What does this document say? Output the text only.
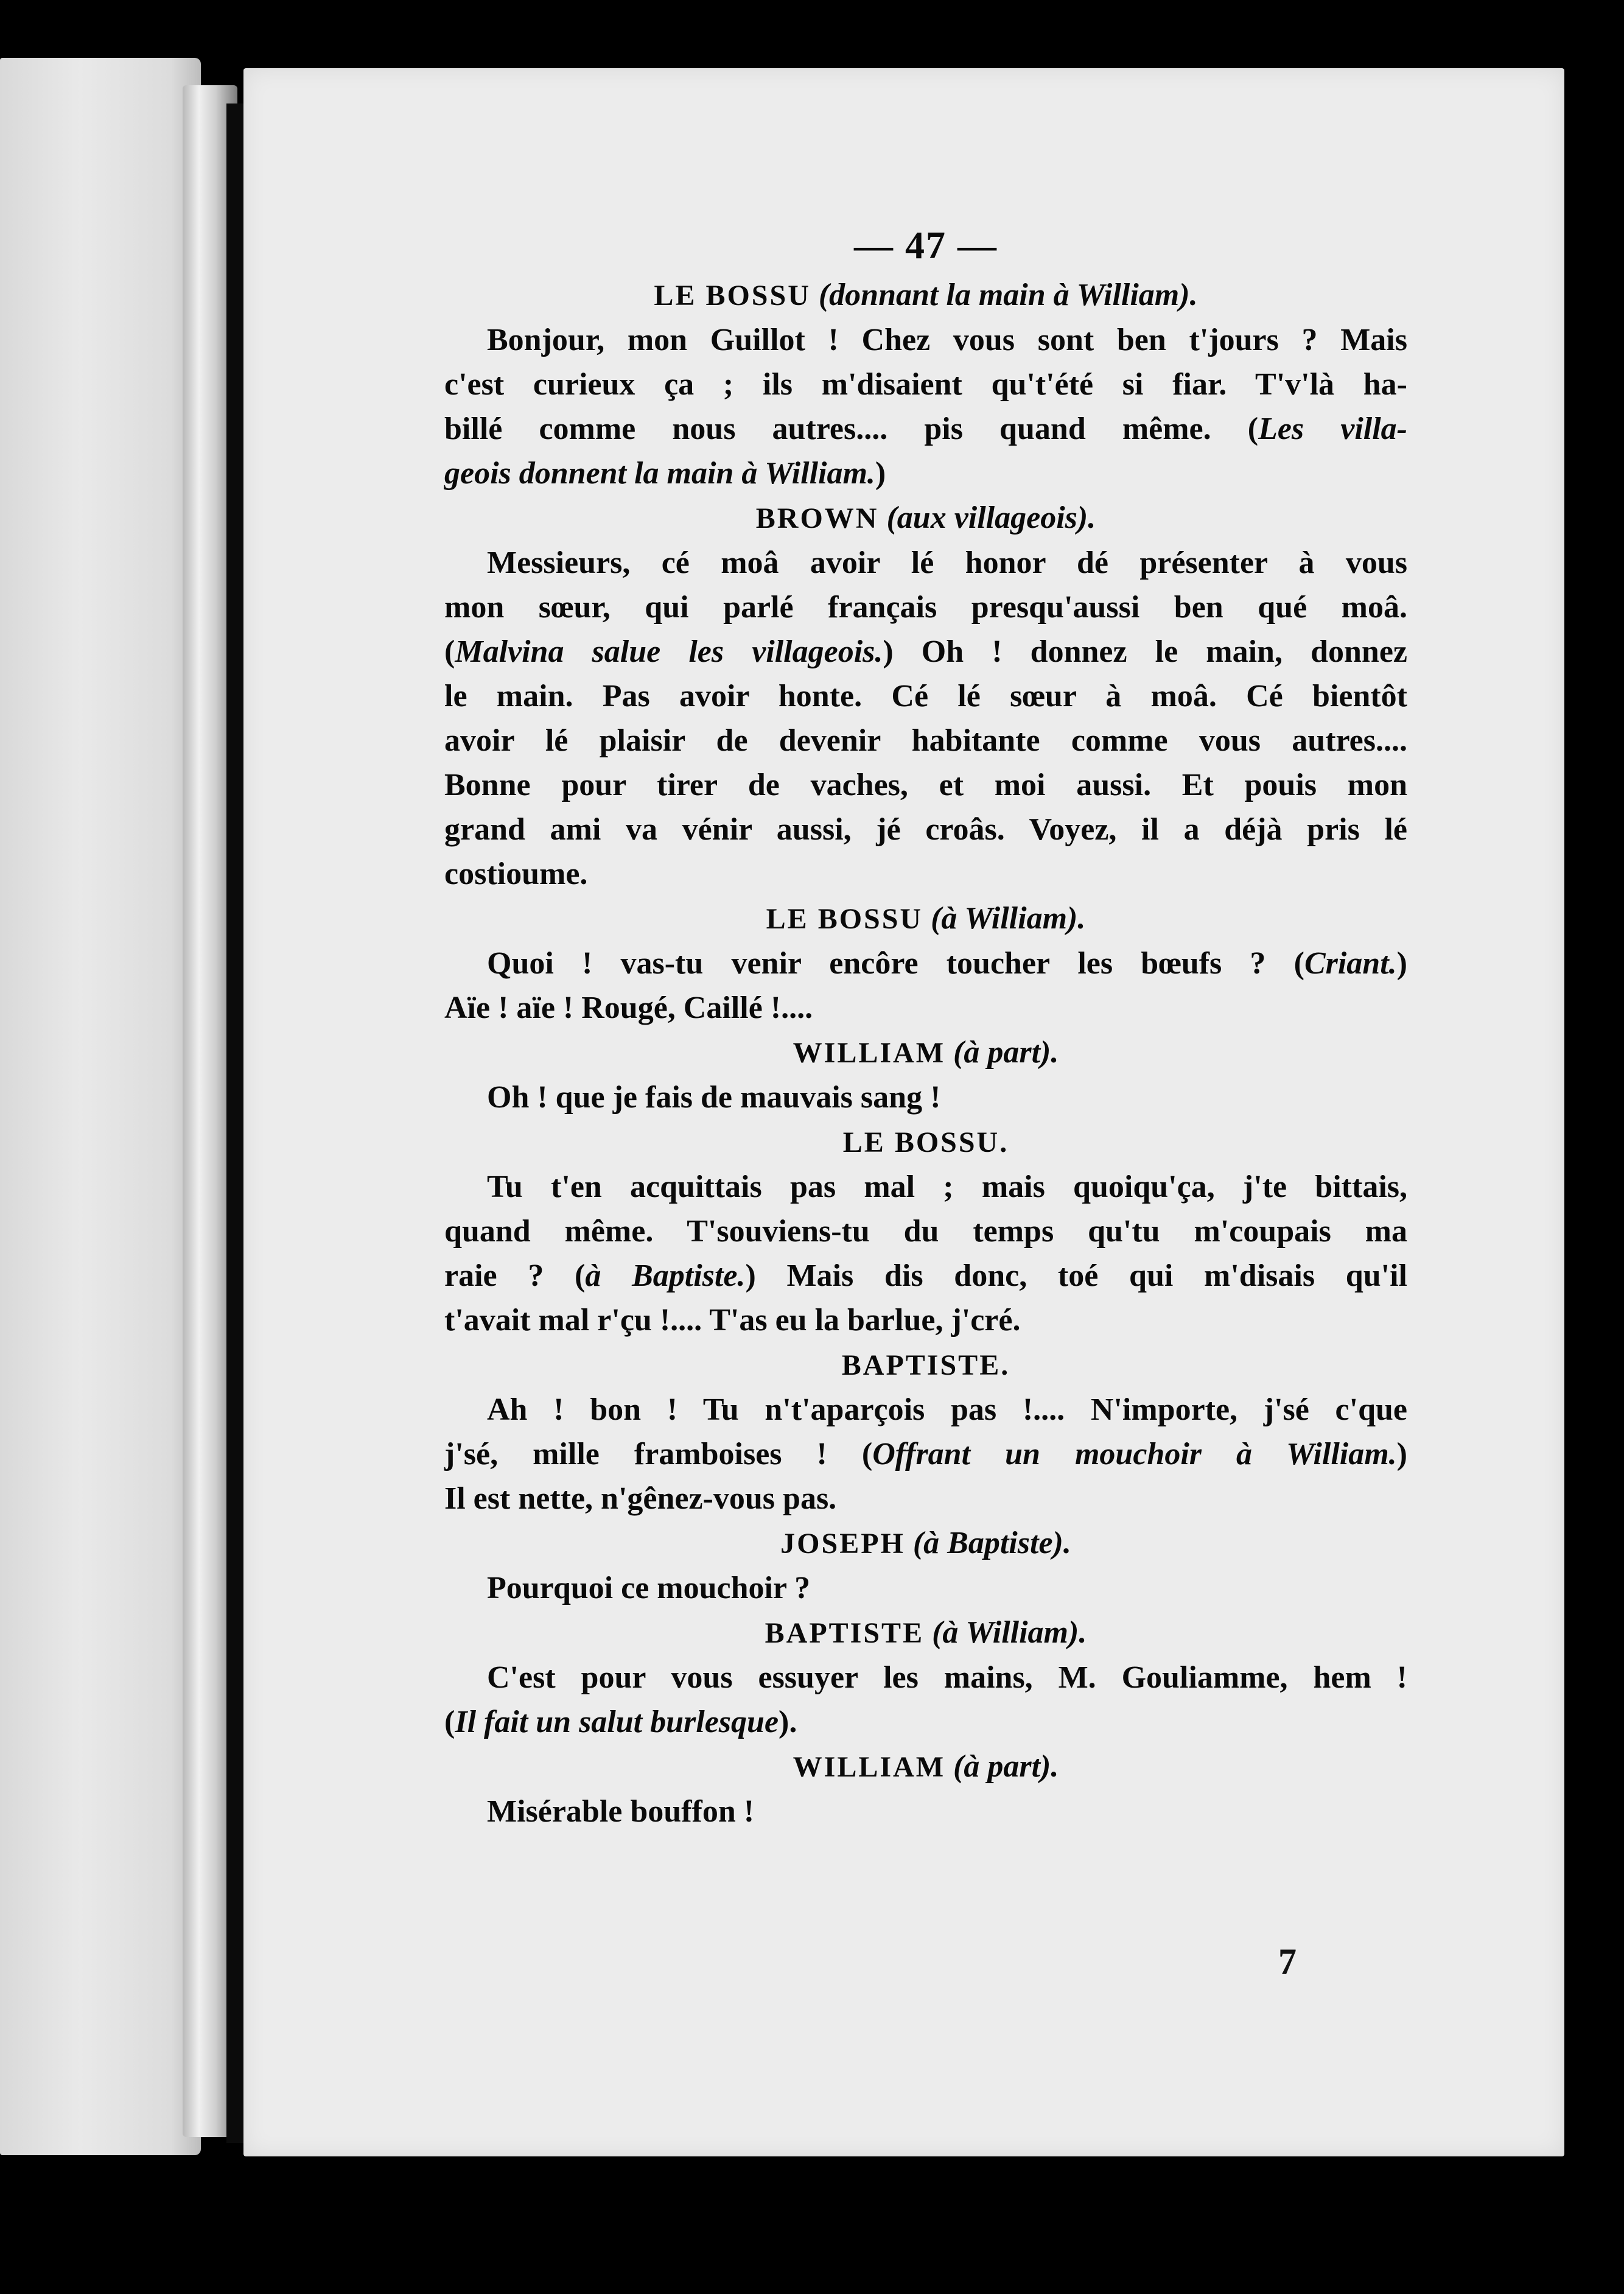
— 47 —

LE BOSSU (donnant la main à William).

Bonjour, mon Guillot ! Chez vous sont ben t'jours ? Mais

c'est curieux ça ; ils m'disaient qu't'été si fiar. T'v'là ha-

billé comme nous autres.... pis quand même. (Les villa-

geois donnent la main à William.)

BROWN (aux villageois).

Messieurs, cé moâ avoir lé honor dé présenter à vous

mon sœur, qui parlé français presqu'aussi ben qué moâ.

(Malvina salue les villageois.) Oh ! donnez le main, donnez

le main. Pas avoir honte. Cé lé sœur à moâ. Cé bientôt

avoir lé plaisir de devenir habitante comme vous autres....

Bonne pour tirer de vaches, et moi aussi. Et pouis mon

grand ami va vénir aussi, jé croâs. Voyez, il a déjà pris lé

costioume.

LE BOSSU (à William).

Quoi ! vas-tu venir encôre toucher les bœufs ? (Criant.)

Aïe ! aïe ! Rougé, Caillé !....

WILLIAM (à part).

Oh ! que je fais de mauvais sang !

LE BOSSU.

Tu t'en acquittais pas mal ; mais quoiqu'ça, j'te bittais,

quand même. T'souviens-tu du temps qu'tu m'coupais ma

raie ? (à Baptiste.) Mais dis donc, toé qui m'disais qu'il

t'avait mal r'çu !.... T'as eu la barlue, j'cré.

BAPTISTE.

Ah ! bon ! Tu n't'aparçois pas !.... N'importe, j'sé c'que

j'sé, mille framboises ! (Offrant un mouchoir à William.)

Il est nette, n'gênez-vous pas.

JOSEPH (à Baptiste).

Pourquoi ce mouchoir ?

BAPTISTE (à William).

C'est pour vous essuyer les mains, M. Gouliamme, hem !

(Il fait un salut burlesque).

WILLIAM (à part).

Misérable bouffon !

7
